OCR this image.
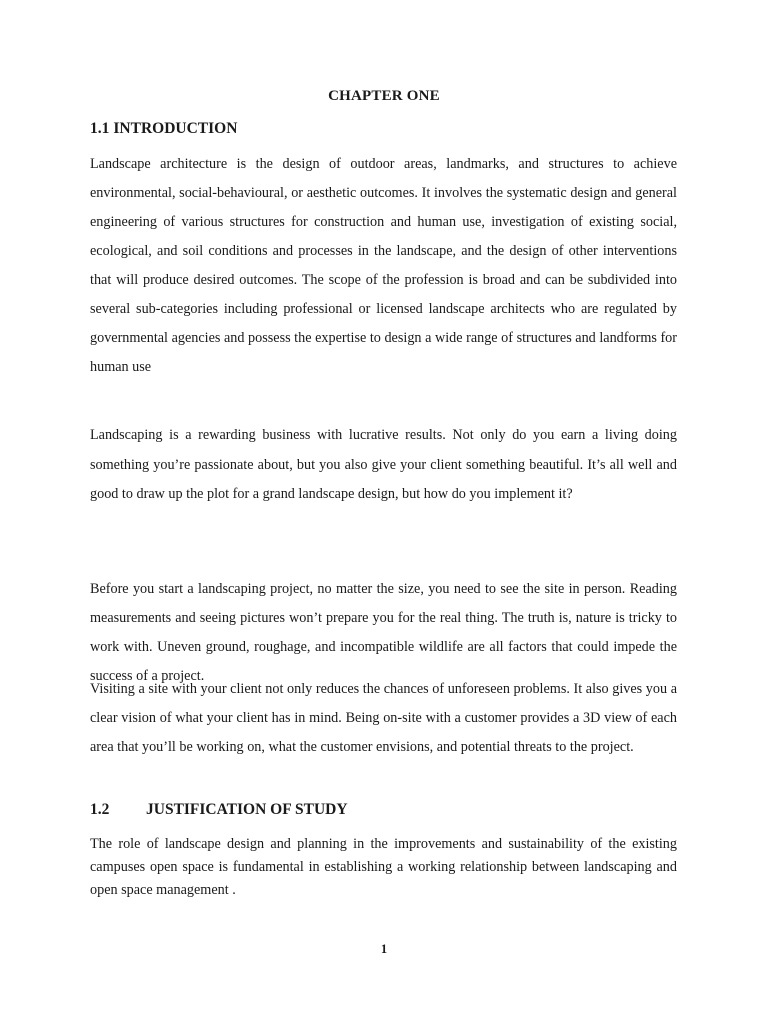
CHAPTER ONE
1.1 INTRODUCTION

Landscape architecture is the design of outdoor areas, landmarks, and structures to achieve environmental, social-behavioural, or aesthetic outcomes. It involves the systematic design and general engineering of various structures for construction and human use, investigation of existing social, ecological, and soil conditions and processes in the landscape, and the design of other interventions that will produce desired outcomes. The scope of the profession is broad and can be subdivided into several sub-categories including professional or licensed landscape architects who are regulated by governmental agencies and possess the expertise to design a wide range of structures and landforms for human use

Landscaping is a rewarding business with lucrative results. Not only do you earn a living doing something you’re passionate about, but you also give your client something beautiful. It’s all well and good to draw up the plot for a grand landscape design, but how do you implement it?

Before you start a landscaping project, no matter the size, you need to see the site in person. Reading measurements and seeing pictures won’t prepare you for the real thing. The truth is, nature is tricky to work with. Uneven ground, roughage, and incompatible wildlife are all factors that could impede the success of a project.

Visiting a site with your client not only reduces the chances of unforeseen problems. It also gives you a clear vision of what your client has in mind. Being on-site with a customer provides a 3D view of each area that you’ll be working on, what the customer envisions, and potential threats to the project.

1.2 JUSTIFICATION OF STUDY

The role of landscape design and planning in the improvements and sustainability of the existing campuses open space is fundamental in establishing a working relationship between landscaping and open space management .

1
